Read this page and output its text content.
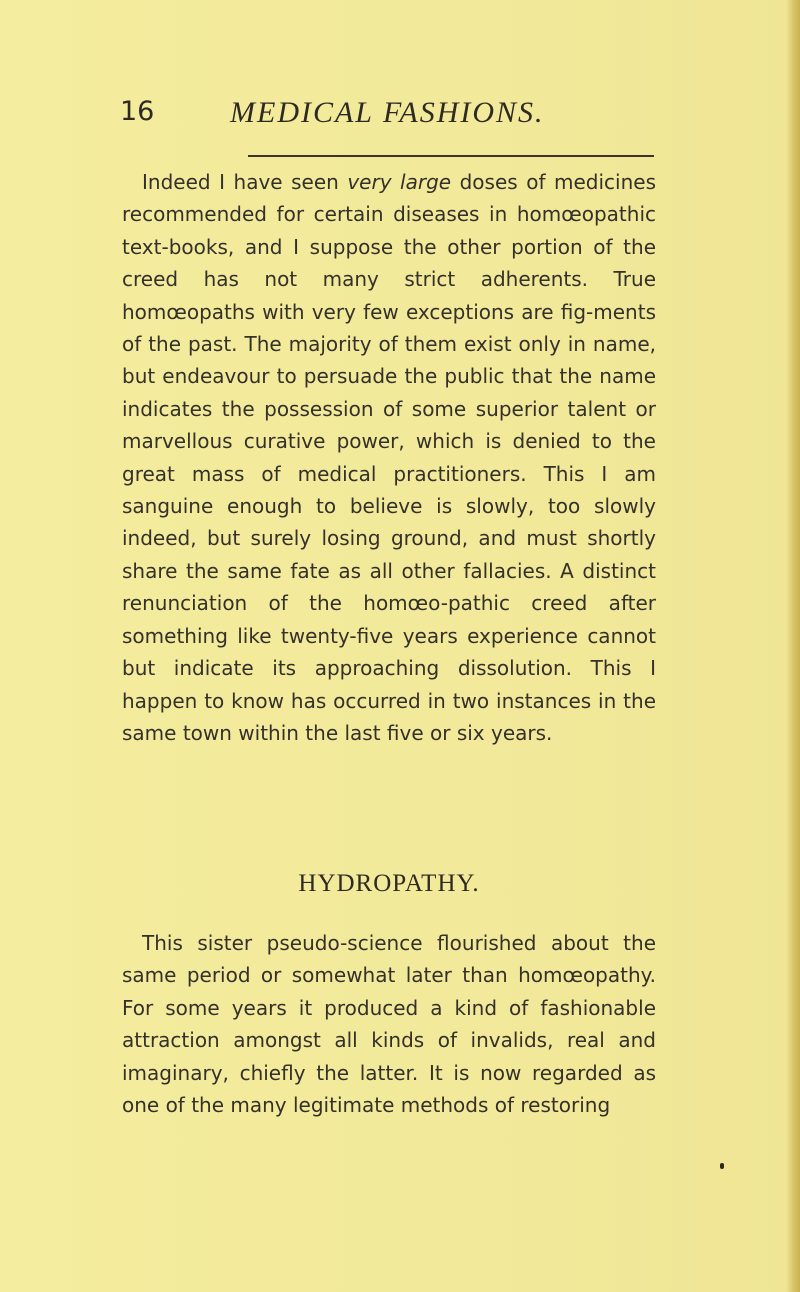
16	MEDICAL FASHIONS.

Indeed I have seen very large doses of medicines recommended for certain diseases in homœopathic text-books, and I suppose the other portion of the creed has not many strict adherents. True homœopaths with very few exceptions are fig-ments of the past. The majority of them exist only in name, but endeavour to persuade the public that the name indicates the possession of some superior talent or marvellous curative power, which is denied to the great mass of medical practitioners. This I am sanguine enough to believe is slowly, too slowly indeed, but surely losing ground, and must shortly share the same fate as all other fallacies. A distinct renunciation of the homœo-pathic creed after something like twenty-five years experience cannot but indicate its approaching dissolution. This I happen to know has occurred in two instances in the same town within the last five or six years.

HYDROPATHY.

This sister pseudo-science flourished about the same period or somewhat later than homœopathy. For some years it produced a kind of fashionable attraction amongst all kinds of invalids, real and imaginary, chiefly the latter. It is now regarded as one of the many legitimate methods of restoring
